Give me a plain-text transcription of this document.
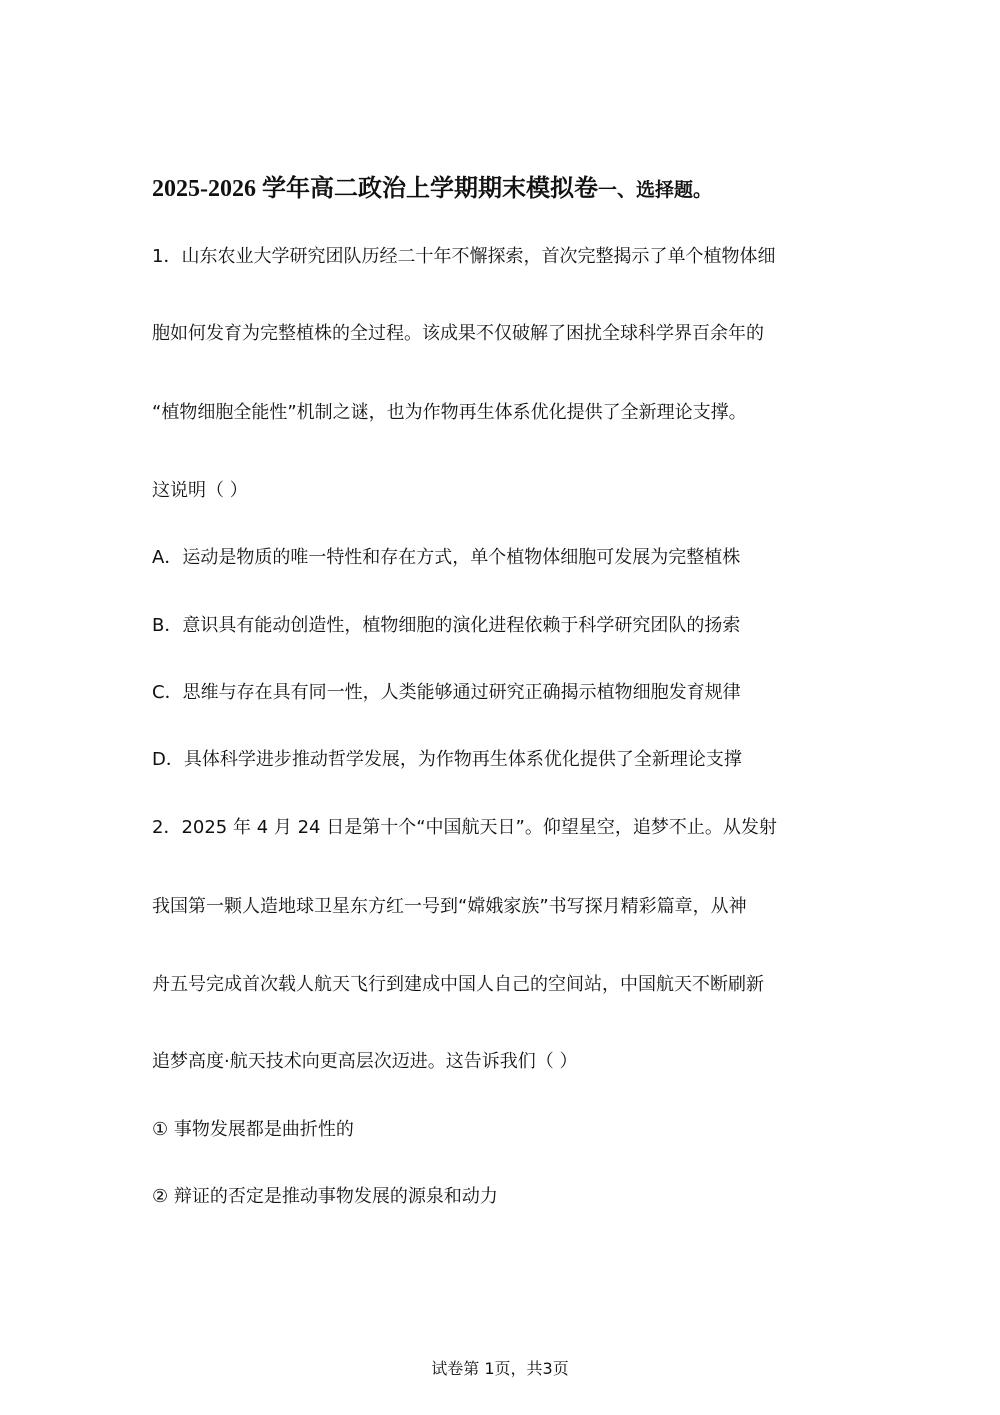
2025-2026 学年高二政治上学期期末模拟卷一、选择题。
1．山东农业大学研究团队历经二十年不懈探索，首次完整揭示了单个植物体细
胞如何发育为完整植株的全过程。该成果不仅破解了困扰全球科学界百余年的
“植物细胞全能性”机制之谜，也为作物再生体系优化提供了全新理论支撑。
这说明（ ）
A．运动是物质的唯一特性和存在方式，单个植物体细胞可发展为完整植株
B．意识具有能动创造性，植物细胞的演化进程依赖于科学研究团队的扬索
C．思维与存在具有同一性，人类能够通过研究正确揭示植物细胞发育规律
D．具体科学进步推动哲学发展，为作物再生体系优化提供了全新理论支撑
2．2025 年 4 月 24 日是第十个“中国航天日”。仰望星空，追梦不止。从发射
我国第一颗人造地球卫星东方红一号到“嫦娥家族”书写探月精彩篇章，从神
舟五号完成首次载人航天飞行到建成中国人自己的空间站，中国航天不断刷新
追梦高度·航天技术向更高层次迈进。这告诉我们（ ）
① 事物发展都是曲折性的
② 辩证的否定是推动事物发展的源泉和动力
试卷第 1页，共3页
